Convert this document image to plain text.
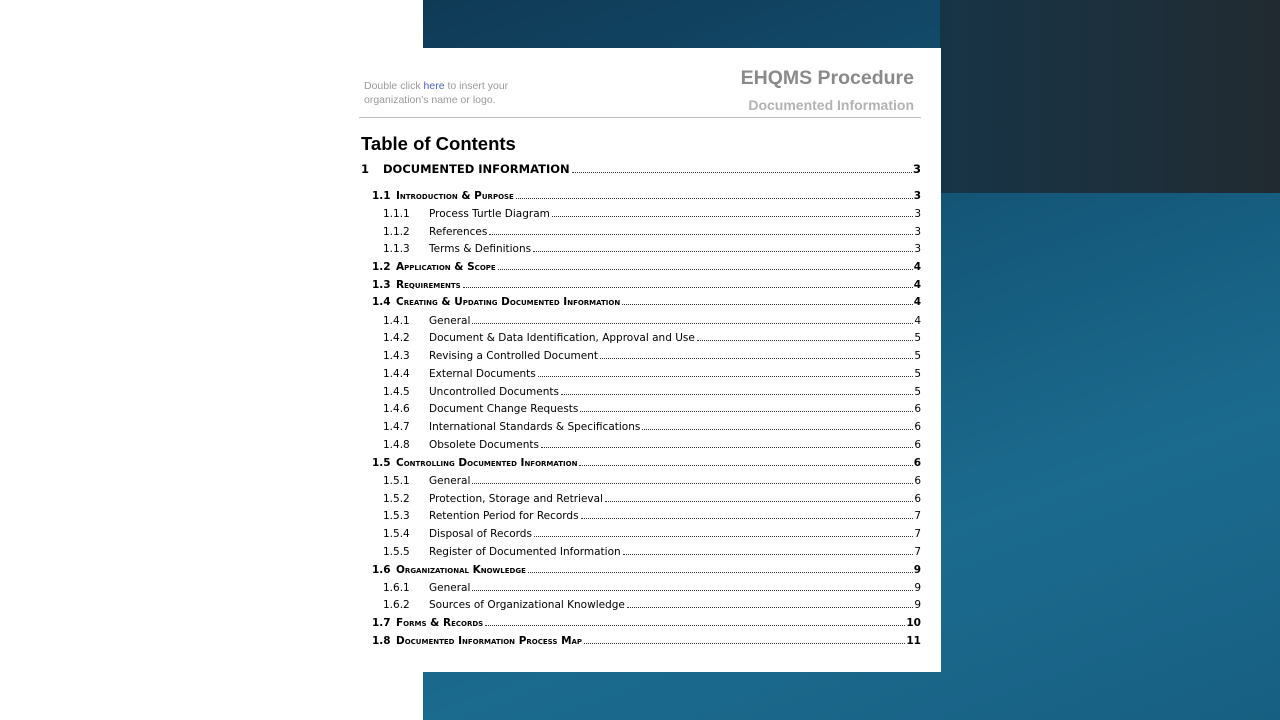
Double click here to insert your organization's name or logo.
EHQMS Procedure
Documented Information
Table of Contents
1	DOCUMENTED INFORMATION	3
1.1 Introduction & Purpose	3
1.1.1	Process Turtle Diagram	3
1.1.2	References	3
1.1.3	Terms & Definitions	3
1.2 Application & Scope	4
1.3 Requirements	4
1.4 Creating & Updating Documented Information	4
1.4.1	General	4
1.4.2	Document & Data Identification, Approval and Use	5
1.4.3	Revising a Controlled Document	5
1.4.4	External Documents	5
1.4.5	Uncontrolled Documents	5
1.4.6	Document Change Requests	6
1.4.7	International Standards & Specifications	6
1.4.8	Obsolete Documents	6
1.5 Controlling Documented Information	6
1.5.1	General	6
1.5.2	Protection, Storage and Retrieval	6
1.5.3	Retention Period for Records	7
1.5.4	Disposal of Records	7
1.5.5	Register of Documented Information	7
1.6 Organizational Knowledge	9
1.6.1	General	9
1.6.2	Sources of Organizational Knowledge	9
1.7 Forms & Records	10
1.8 Documented Information Process Map	11
